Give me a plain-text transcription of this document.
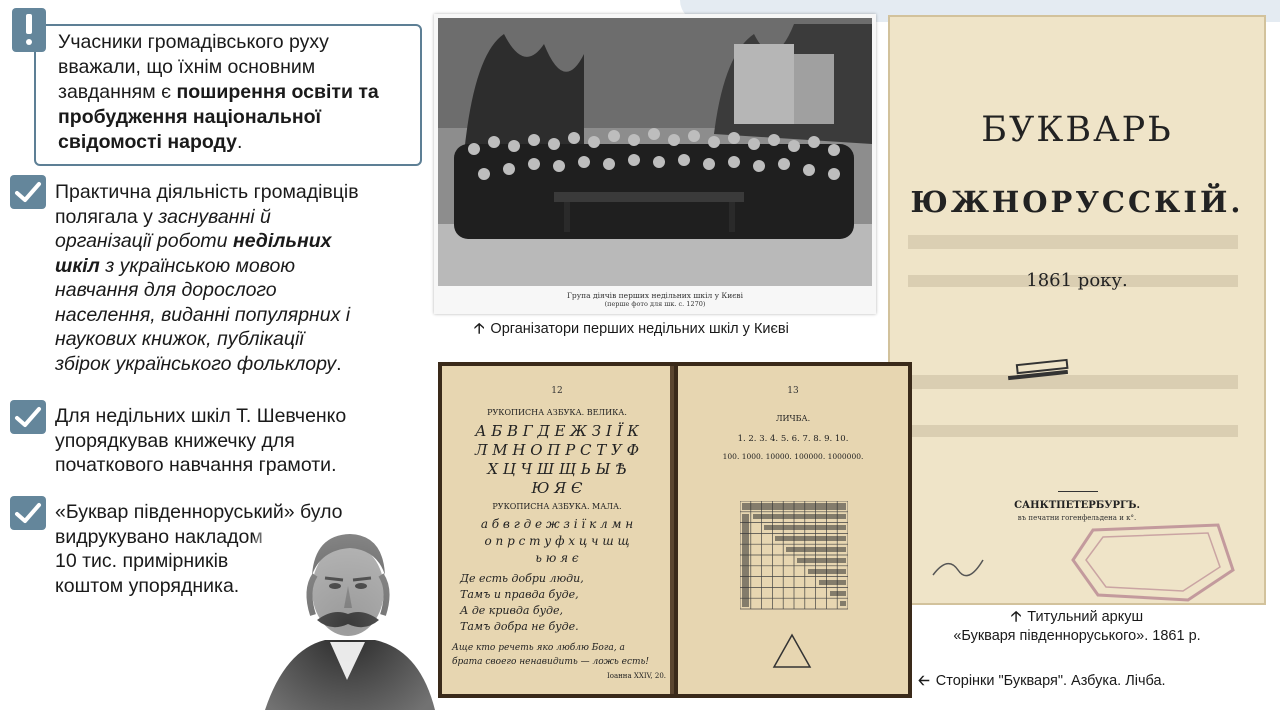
Учасники громадівського руху
вважали, що їхнім основним
завданням є поширення освіти та
пробудження національної
свідомості народу.
Практична діяльність громадівців
полягала у заснуванні й
організації роботи недільних
шкіл з українською мовою
навчання для дорослого
населення, виданні популярних і
наукових книжок, публікації
збірок українського фольклору.
Для недільних шкіл Т. Шевченко
упорядкував книжечку для
початкового навчання грамоти.
«Буквар південноруський» було
видрукувано накладом
10 тис. примірників
коштом упорядника.
Група діячів перших недільних шкіл у Києві
(перше фото для шк. с. 1270)
🡡 Організатори перших недільних шкіл у Києві
БУКВАРЬ
ЮЖНОРУССКІЙ.
1861 року.
САНКТПЕТЕРБУРГЪ.
въ печатни гогенфельдена и к°.
🡡 Титульний аркуш
«Букваря південноруського». 1861 р.
12
РУКОПИСНА АЗБУКА. ВЕЛИКА.
А Б В Г Д Е Ж З І Ї К
Л М Н О П Р С Т У Ф
Х Ц Ч Ш Щ Ь Ы Ѣ
Ю Я Є
РУКОПИСНА АЗБУКА. МАЛА.
а б в г д е ж з і ї к л м н
о п р с т у ф х ц ч ш щ
ь ю я є
Де есть добри люди,
Тамъ и правда буде,
А де кривда буде,
Тамъ добра не буде.
Аще кто речеть яко люблю Бога, а
брата своего ненавидить — ложь есть!
Іоанна XXIV, 20.
13
ЛИЧБА.
1. 2. 3. 4. 5. 6. 7. 8. 9. 10.
100. 1000. 10000. 100000. 1000000.
🡠 Сторінки "Букваря". Азбука. Лічба.
